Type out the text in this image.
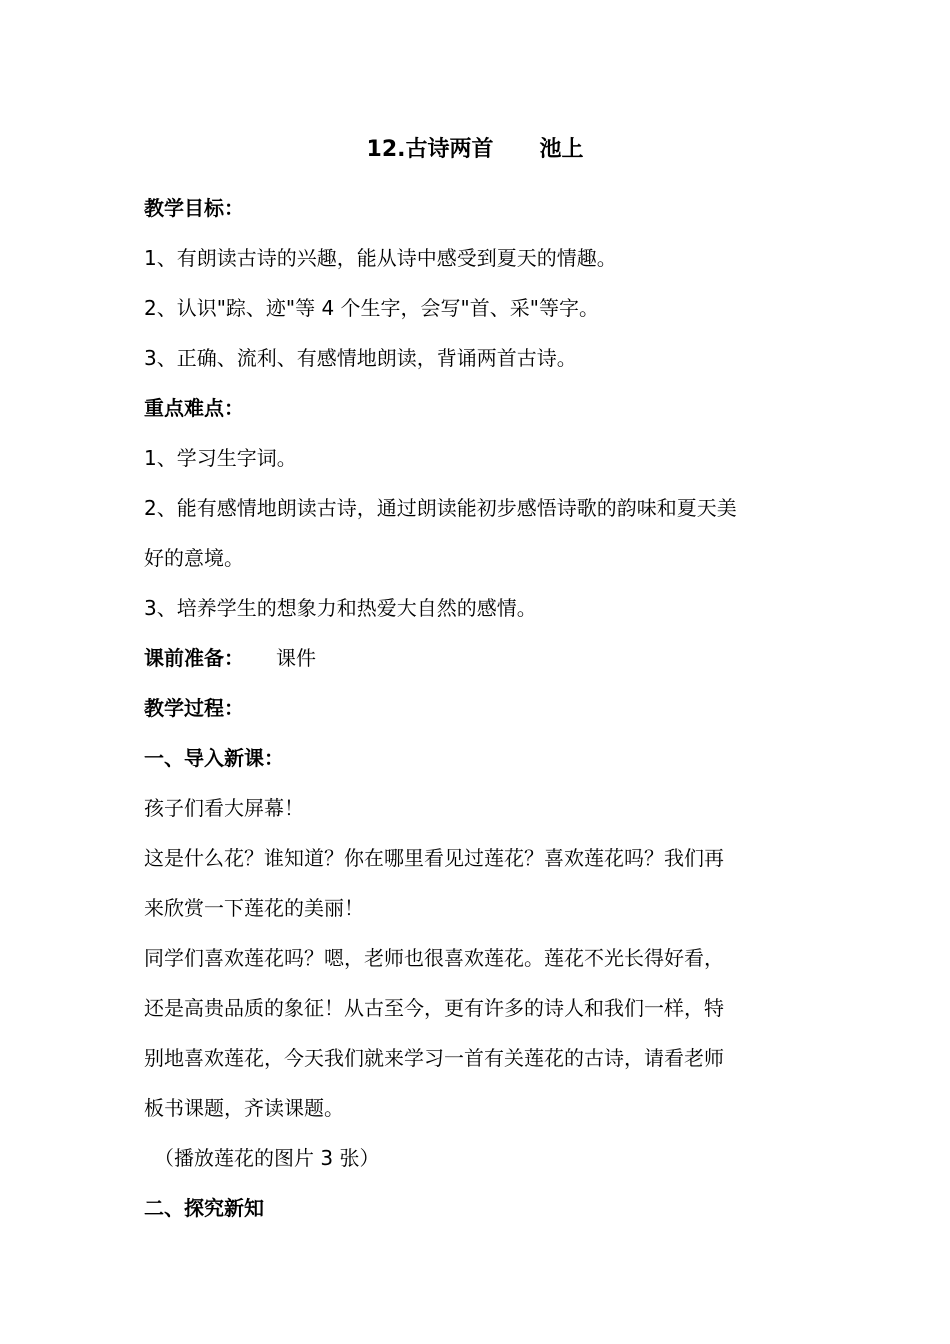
12.古诗两首      池上
教学目标：
1、有朗读古诗的兴趣，能从诗中感受到夏天的情趣。
2、认识"踪、迹"等 4 个生字，会写"首、采"等字。
3、正确、流利、有感情地朗读，背诵两首古诗。
重点难点：
1、学习生字词。
2、能有感情地朗读古诗，通过朗读能初步感悟诗歌的韵味和夏天美
好的意境。
3、培养学生的想象力和热爱大自然的感情。
课前准备： 课件
教学过程：
一、导入新课：
孩子们看大屏幕！
这是什么花？谁知道？你在哪里看见过莲花？喜欢莲花吗？我们再
来欣赏一下莲花的美丽！
同学们喜欢莲花吗？嗯，老师也很喜欢莲花。莲花不光长得好看，
还是高贵品质的象征！从古至今，更有许多的诗人和我们一样，特
别地喜欢莲花，今天我们就来学习一首有关莲花的古诗，请看老师
板书课题，齐读课题。
（播放莲花的图片 3 张）
二、探究新知
